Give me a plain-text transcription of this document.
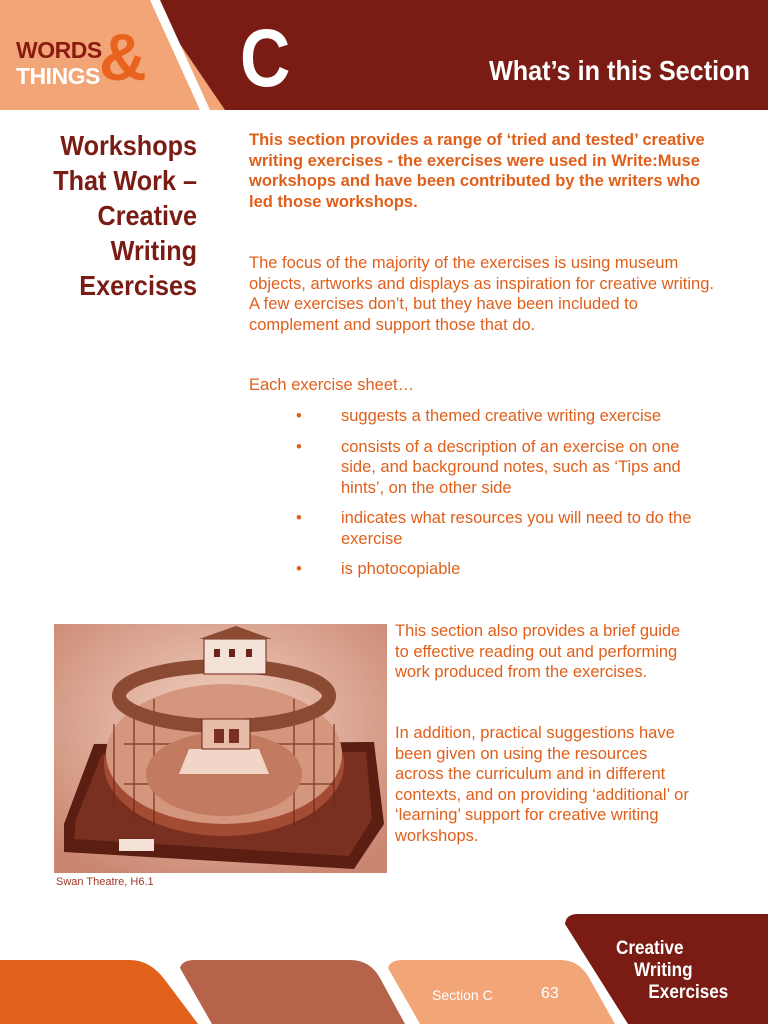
WORDS
THINGS & C	What’s in this Section
Workshops That Work – Creative Writing Exercises
This section provides a range of ‘tried and tested’ creative writing exercises - the exercises were used in Write:Muse workshops and have been contributed by the writers who led those workshops.
The focus of the majority of the exercises is using museum objects, artworks and displays as inspiration for creative writing. A few exercises don’t, but they have been included to complement and support those that do.
Each exercise sheet…
• suggests a themed creative writing exercise
• consists of a description of an exercise on one side, and background notes, such as ‘Tips and hints’, on the other side
• indicates what resources you will need to do the exercise
• is photocopiable
Swan Theatre, H6.1
This section also provides a brief guide to effective reading out and performing work produced from the exercises.
In addition, practical suggestions have been given on using the resources across the curriculum and in different contexts, and on providing ‘additional’ or ‘learning’ support for creative writing workshops.
Section C	63
Creative
Writing
Exercises
